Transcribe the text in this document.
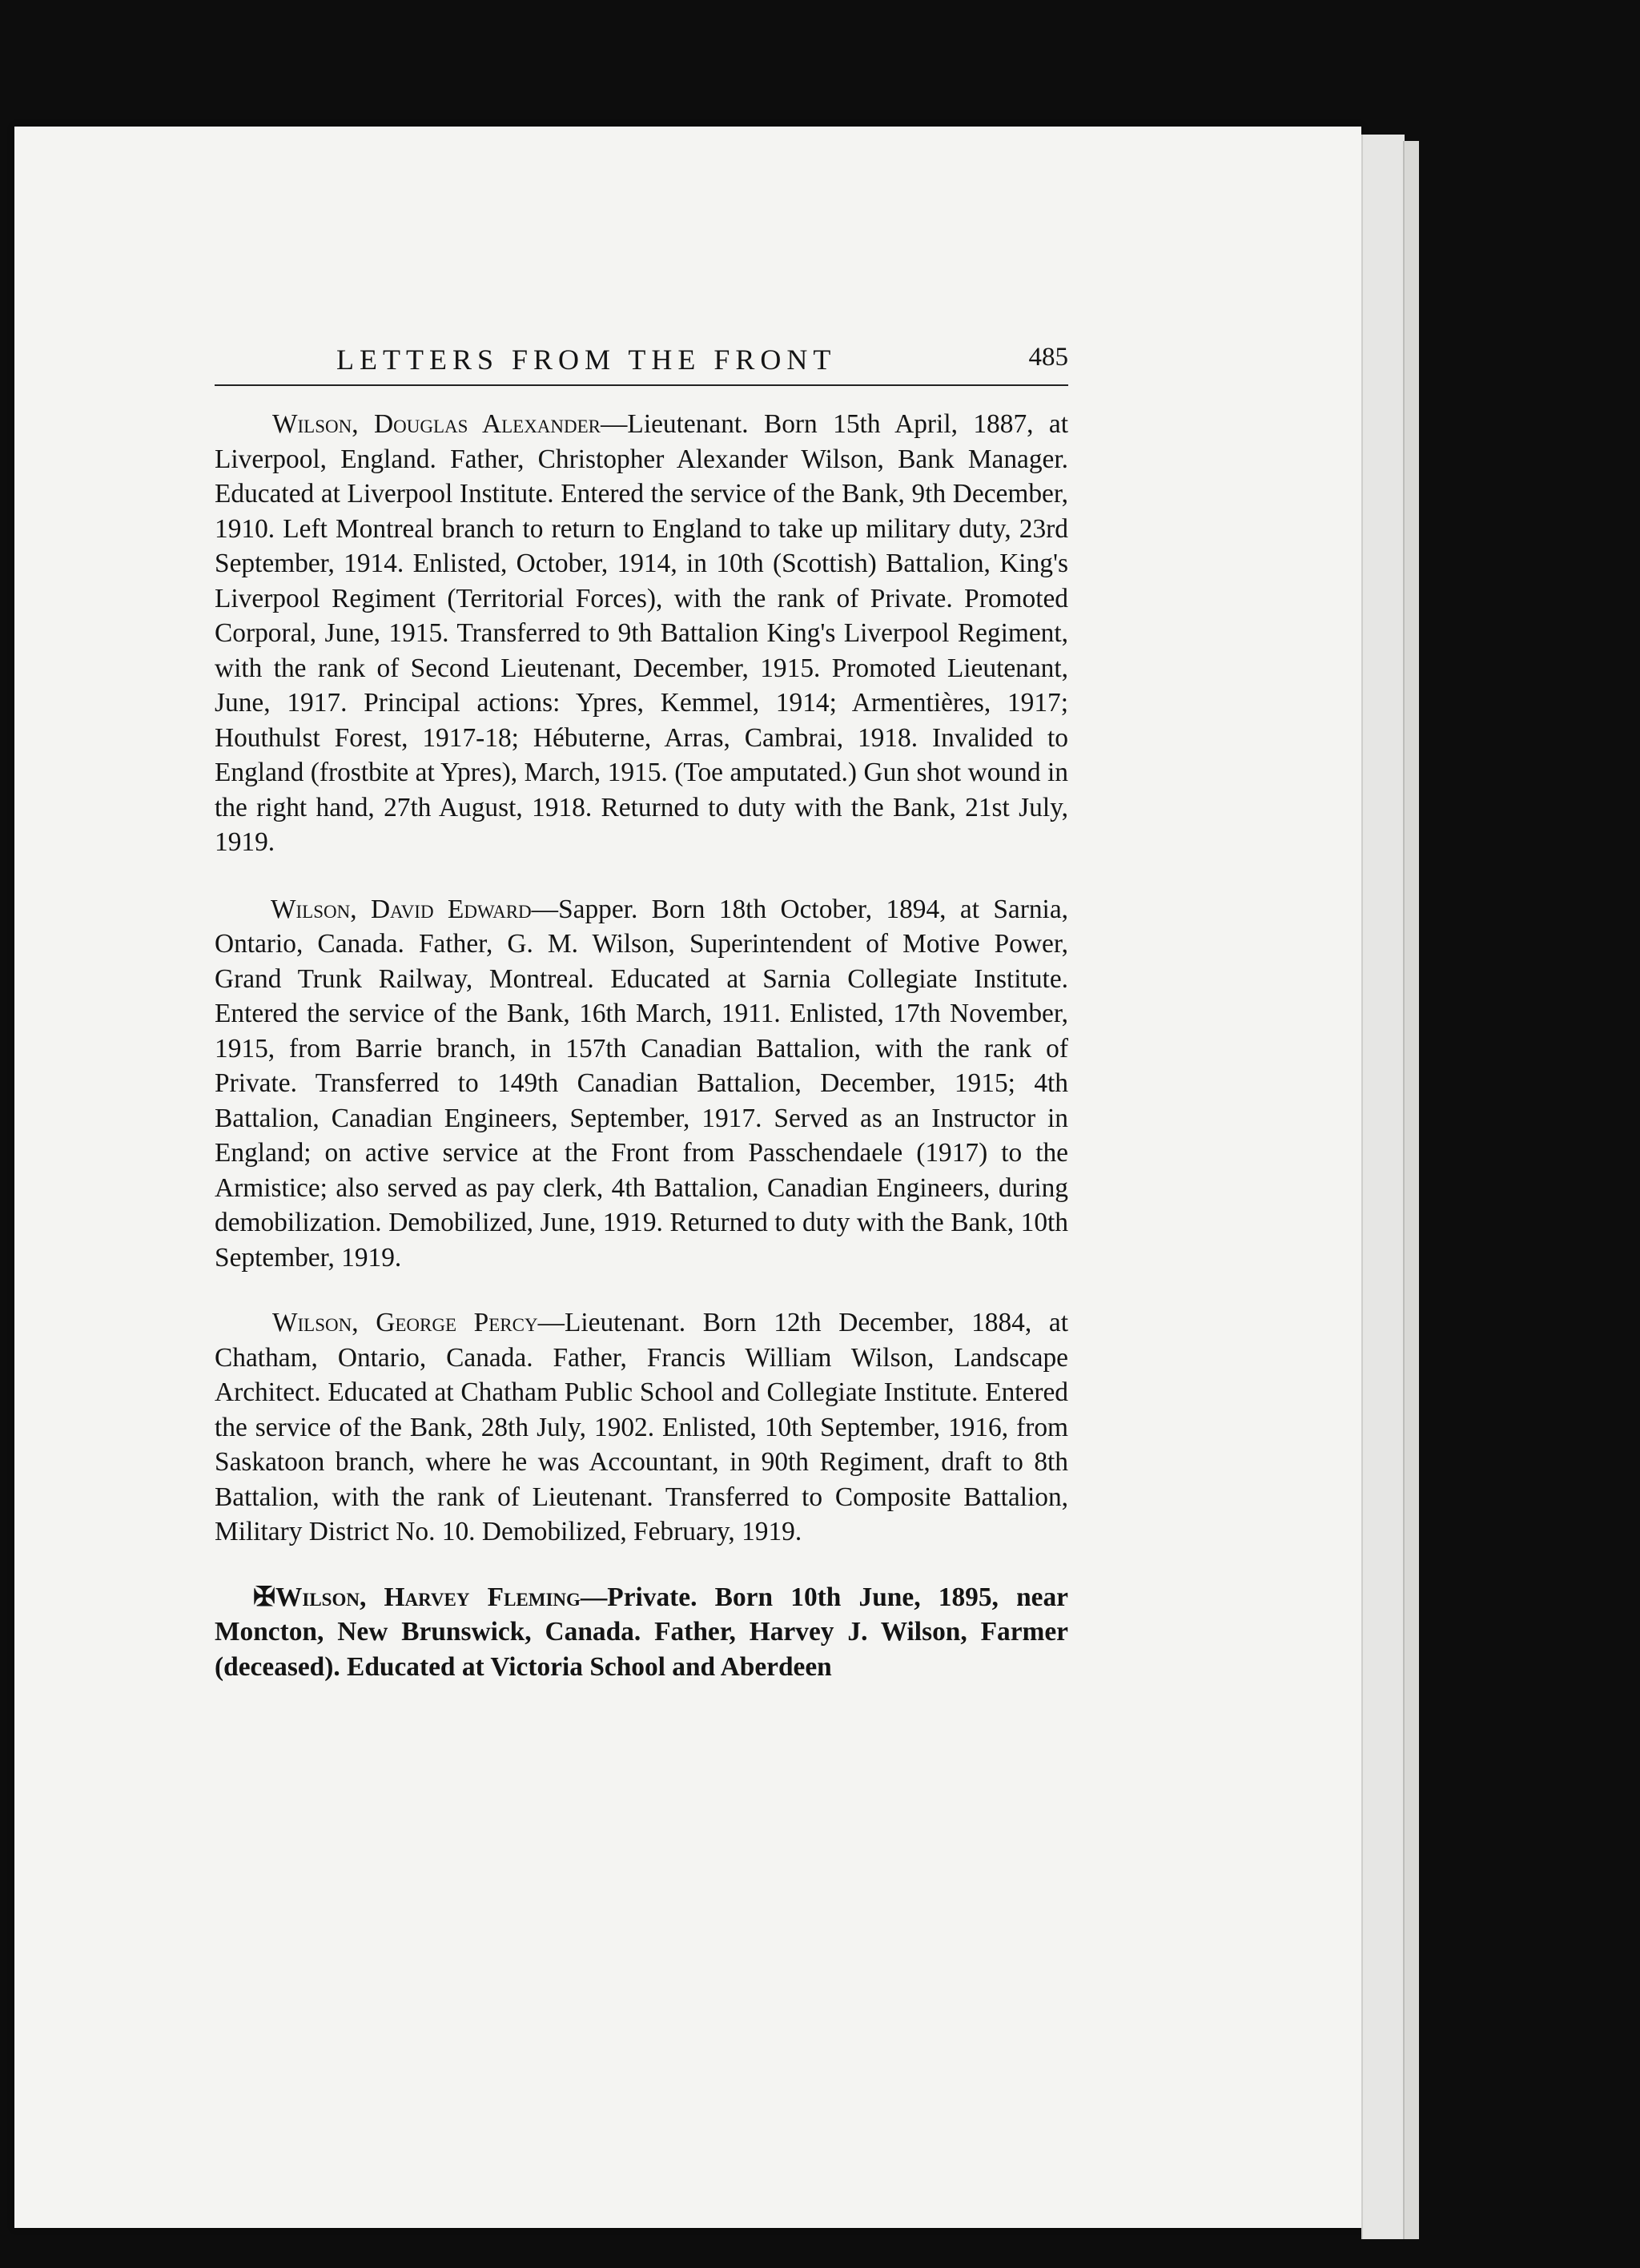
LETTERS FROM THE FRONT	485

Wilson, Douglas Alexander—Lieutenant. Born 15th April, 1887, at Liverpool, England. Father, Christopher Alexander Wilson, Bank Manager. Educated at Liverpool Institute. Entered the service of the Bank, 9th December, 1910. Left Montreal branch to return to England to take up military duty, 23rd September, 1914. Enlisted, October, 1914, in 10th (Scottish) Battalion, King's Liverpool Regiment (Territorial Forces), with the rank of Private. Promoted Corporal, June, 1915. Transferred to 9th Battalion King's Liverpool Regiment, with the rank of Second Lieutenant, December, 1915. Promoted Lieutenant, June, 1917. Principal actions: Ypres, Kemmel, 1914; Armentières, 1917; Houthulst Forest, 1917-18; Hébuterne, Arras, Cambrai, 1918. Invalided to England (frostbite at Ypres), March, 1915. (Toe amputated.) Gun shot wound in the right hand, 27th August, 1918. Returned to duty with the Bank, 21st July, 1919.

Wilson, David Edward—Sapper. Born 18th October, 1894, at Sarnia, Ontario, Canada. Father, G. M. Wilson, Superintendent of Motive Power, Grand Trunk Railway, Montreal. Educated at Sarnia Collegiate Institute. Entered the service of the Bank, 16th March, 1911. Enlisted, 17th November, 1915, from Barrie branch, in 157th Canadian Battalion, with the rank of Private. Transferred to 149th Canadian Battalion, December, 1915; 4th Battalion, Canadian Engineers, September, 1917. Served as an Instructor in England; on active service at the Front from Passchendaele (1917) to the Armistice; also served as pay clerk, 4th Battalion, Canadian Engineers, during demobilization. Demobilized, June, 1919. Returned to duty with the Bank, 10th September, 1919.

Wilson, George Percy—Lieutenant. Born 12th December, 1884, at Chatham, Ontario, Canada. Father, Francis William Wilson, Landscape Architect. Educated at Chatham Public School and Collegiate Institute. Entered the service of the Bank, 28th July, 1902. Enlisted, 10th September, 1916, from Saskatoon branch, where he was Accountant, in 90th Regiment, draft to 8th Battalion, with the rank of Lieutenant. Transferred to Composite Battalion, Military District No. 10. Demobilized, February, 1919.

✠Wilson, Harvey Fleming—Private. Born 10th June, 1895, near Moncton, New Brunswick, Canada. Father, Harvey J. Wilson, Farmer (deceased). Educated at Victoria School and Aberdeen
